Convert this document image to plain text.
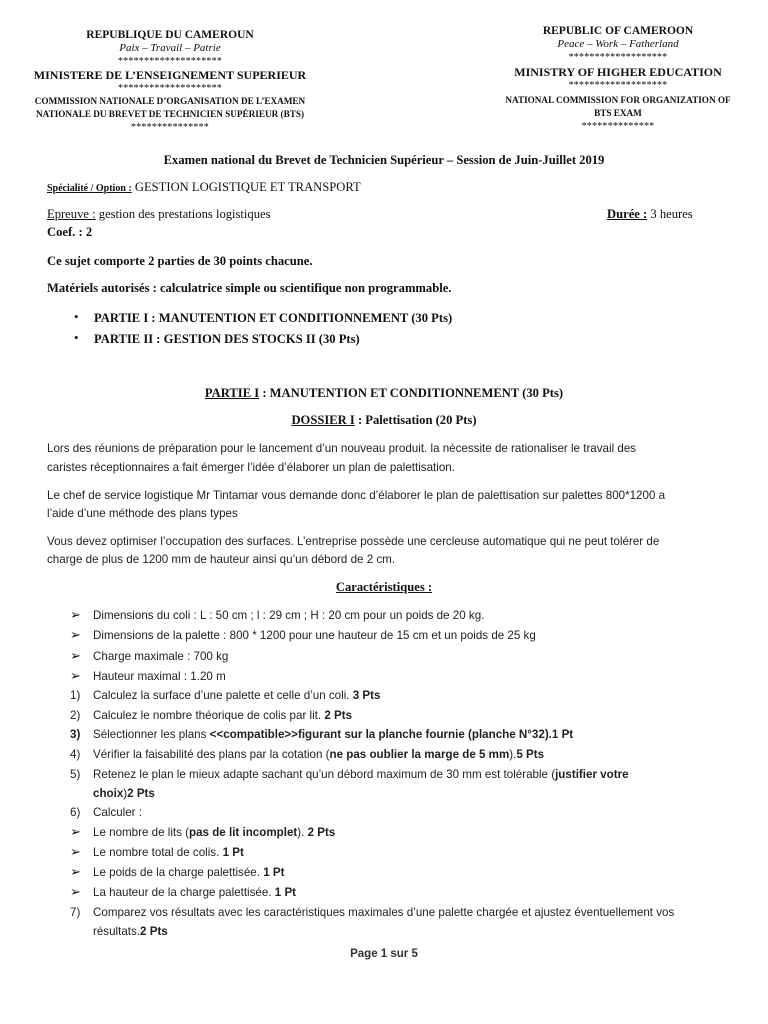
REPUBLIQUE DU CAMEROUN
Paix – Travail – Patrie
********************
MINISTERE DE L’ENSEIGNEMENT SUPERIEUR
********************
COMMISSION NATIONALE D’ORGANISATION DE L’EXAMEN
NATIONALE DU BREVET DE TECHNICIEN SUPÉRIEUR (BTS)
***************
REPUBLIC OF CAMEROON
Peace – Work – Fatherland
*******************
MINISTRY OF HIGHER EDUCATION
*******************
NATIONAL COMMISSION FOR ORGANIZATION OF
BTS EXAM
**************
Examen national du Brevet de Technicien Supérieur – Session de Juin-Juillet 2019
Spécialité / Option : GESTION LOGISTIQUE ET TRANSPORT
Epreuve : gestion des prestations logistiques	Durée : 3 heures
Coef. : 2
Ce sujet comporte 2 parties de 30 points chacune.
Matériels autorisés : calculatrice simple ou scientifique non programmable.
• PARTIE I : MANUTENTION ET CONDITIONNEMENT (30 Pts)
• PARTIE II : GESTION DES STOCKS II (30 Pts)
PARTIE I : MANUTENTION ET CONDITIONNEMENT (30 Pts)
DOSSIER I : Palettisation (20 Pts)
Lors des réunions de préparation pour le lancement d’un nouveau produit. la nécessite de rationaliser le travail des
caristes réceptionnaires a fait émerger l’idée d’élaborer un plan de palettisation.
Le chef de service logistique Mr Tintamar vous demande donc d’élaborer le plan de palettisation sur palettes 800*1200 a
l’aide d’une méthode des plans types
Vous devez optimiser l’occupation des surfaces. L’entreprise possède une cercleuse automatique qui ne peut tolérer de
charge de plus de 1200 mm de hauteur ainsi qu’un débord de 2 cm.
Caractéristiques :
➢ Dimensions du coli : L : 50 cm ; l : 29 cm ; H : 20 cm pour un poids de 20 kg.
➢ Dimensions de la palette : 800 * 1200 pour une hauteur de 15 cm et un poids de 25 kg
➢ Charge maximale : 700 kg
➢ Hauteur maximal : 1.20 m
1) Calculez la surface d’une palette et celle d’un coli. 3 Pts
2) Calculez le nombre théorique de colis par lit. 2 Pts
3) Sélectionner les plans <<compatible>>figurant sur la planche fournie (planche N°32).1 Pt
4) Vérifier la faisabilité des plans par la cotation (ne pas oublier la marge de 5 mm).5 Pts
5) Retenez le plan le mieux adapte sachant qu’un débord maximum de 30 mm est tolérable (justifier votre
choix)2 Pts
6) Calculer :
➢ Le nombre de lits (pas de lit incomplet). 2 Pts
➢ Le nombre total de colis. 1 Pt
➢ Le poids de la charge palettisée. 1 Pt
➢ La hauteur de la charge palettisée. 1 Pt
7) Comparez vos résultats avec les caractéristiques maximales d’une palette chargée et ajustez éventuellement vos
résultats.2 Pts
Page 1 sur 5
